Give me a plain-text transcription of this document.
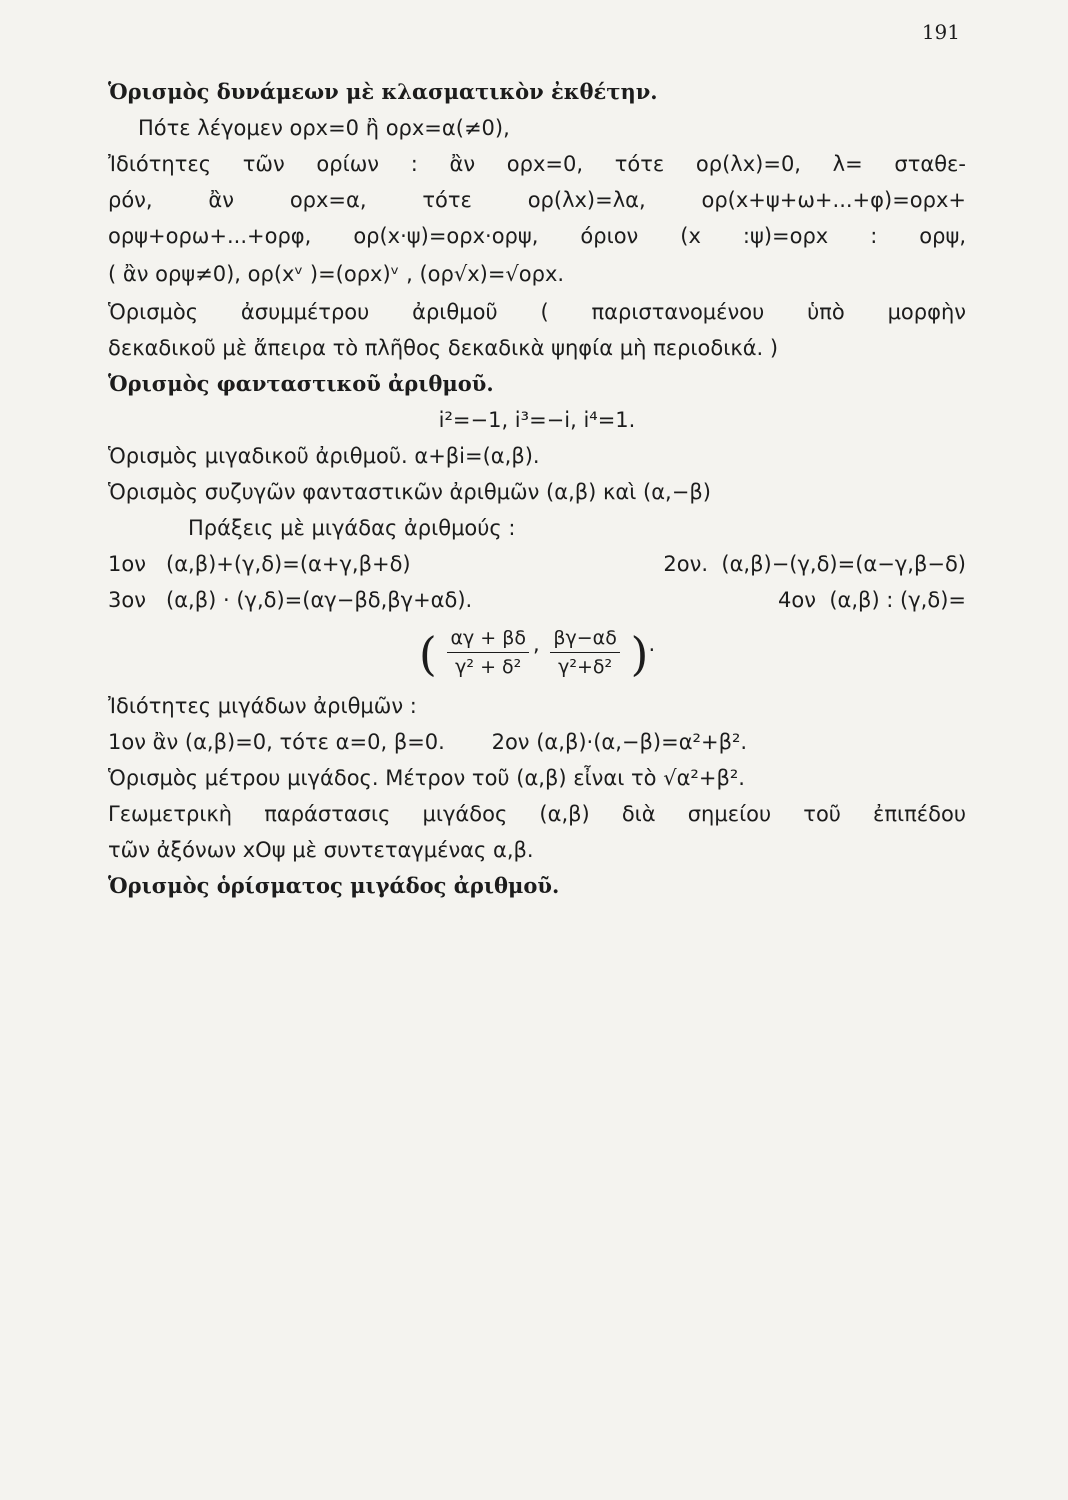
191
Ὁρισμὸς δυνάμεων μὲ κλασματικὸν ἐκθέτην.
Πότε λέγομεν ορx=0 ἢ ορx=α(≠0),
Ἰδιότητες τῶν ορίων : ἂν ορx=0, τότε ορ(λx)=0, λ= σταθε-
ρόν, ἂν ορx=α, τότε ορ(λx)=λα, ορ(x+ψ+ω+...+φ)=ορx+
ορψ+ορω+...+ορφ, ορ(x·ψ)=ορx·ορψ, όριον (x :ψ)=ορx : ορψ,
( ἂν ορψ≠0), ορ(xᵛ )=(ορx)ᵛ , (ορ√x)=√ορx.
Ὁρισμὸς ἀσυμμέτρου ἀριθμοῦ ( παριστανομένου ὑπὸ μορφὴν
δεκαδικοῦ μὲ ἄπειρα τὸ πλῆθος δεκαδικὰ ψηφία μὴ περιοδικά. )
Ὁρισμὸς φανταστικοῦ ἀριθμοῦ.
i²=−1, i³=−i, i⁴=1.
Ὁρισμὸς μιγαδικοῦ ἀριθμοῦ. α+βi=(α,β).
Ὁρισμὸς συζυγῶν φανταστικῶν ἀριθμῶν (α,β) καὶ (α,−β)
Πράξεις μὲ μιγάδας ἀριθμούς :
1ον (α,β)+(γ,δ)=(α+γ,β+δ)	2ον. (α,β)−(γ,δ)=(α−γ,β−δ)
3ον (α,β) · (γ,δ)=(αγ−βδ,βγ+αδ).	4ον (α,β) : (γ,δ)=
( $\frac{\alpha\gamma + \beta\delta}{\text{γ² + δ²}}$ , $\frac{\beta\gamma-\alpha\delta}{\text{γ²+δ²}}$ ).
Ἰδιότητες μιγάδων ἀριθμῶν :
1ον ἂν (α,β)=0, τότε α=0, β=0. 2ον (α,β)·(α,−β)=α²+β².
Ὁρισμὸς μέτρου μιγάδος. Μέτρον τοῦ (α,β) εἶναι τὸ √α²+β².
Γεωμετρικὴ παράστασις μιγάδος (α,β) διὰ σημείου τοῦ ἐπιπέδου
τῶν ἀξόνων xOψ μὲ συντεταγμένας α,β.
Ὁρισμὸς ὁρίσματος μιγάδος ἀριθμοῦ.
